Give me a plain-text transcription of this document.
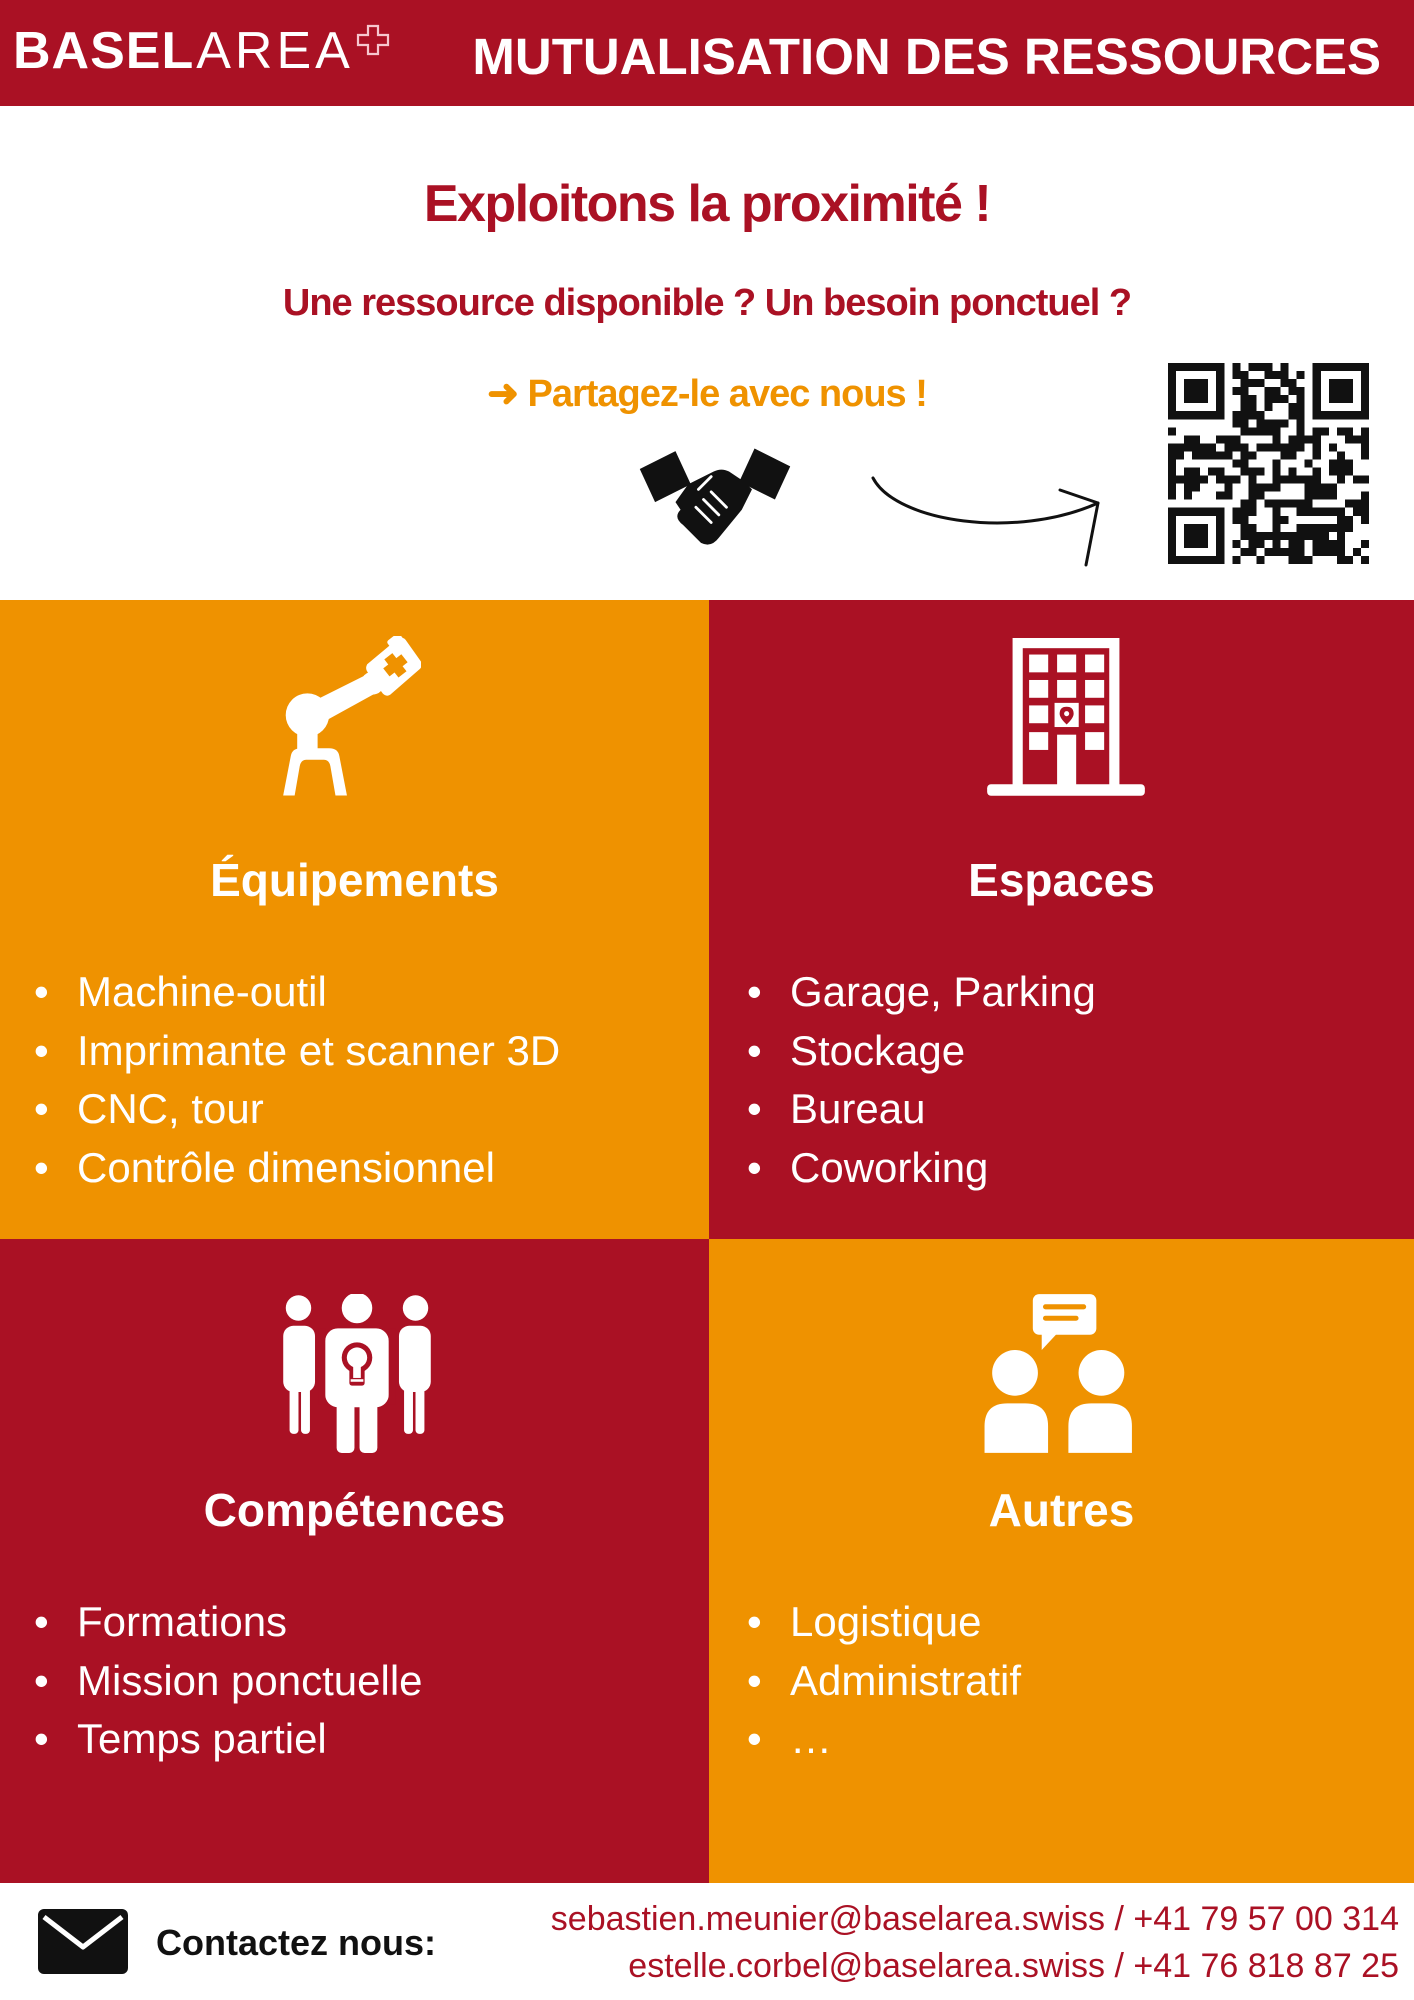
BASEL AREA MUTUALISATION DES RESSOURCES
Exploitons la proximité !
Une ressource disponible ? Un besoin ponctuel ?
➜ Partagez-le avec nous !
Équipements
• Machine-outil
• Imprimante et scanner 3D
• CNC, tour
• Contrôle dimensionnel
Espaces
• Garage, Parking
• Stockage
• Bureau
• Coworking
Compétences
• Formations
• Mission ponctuelle
• Temps partiel
Autres
• Logistique
• Administratif
• …
Contactez nous:
sebastien.meunier@baselarea.swiss / +41 79 57 00 314
estelle.corbel@baselarea.swiss / +41 76 818 87 25
